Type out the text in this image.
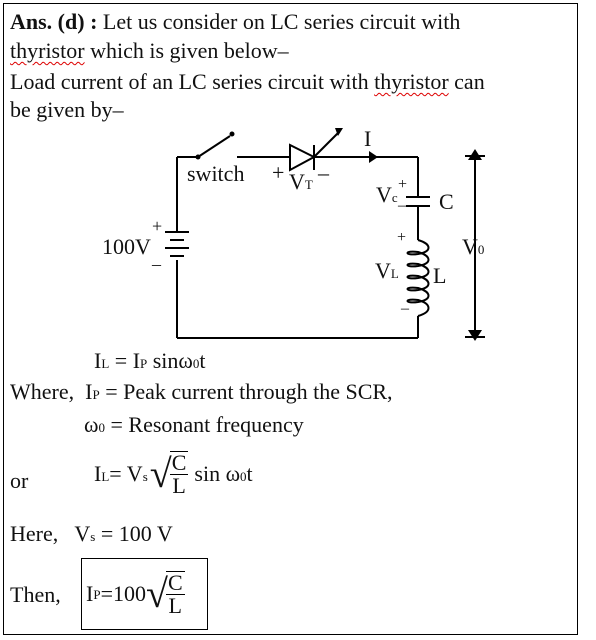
Ans. (d) : Let us consider on LC series circuit with
thyristor which is given below–
Load current of an LC series circuit with thyristor can
be given by–
switch + VT –
I
+
100V
–
Vc
+
– C
+
VL L
–
V0
IL = IP sinω0t
Where, IP = Peak current through the SCR,
ω0 = Resonant frequency
or	I L = V s √
$\frac{C}{L}$ sin ω 0 t
Here, Vs = 100 V
Then, I P =100 √
$\frac{C}{L}$
